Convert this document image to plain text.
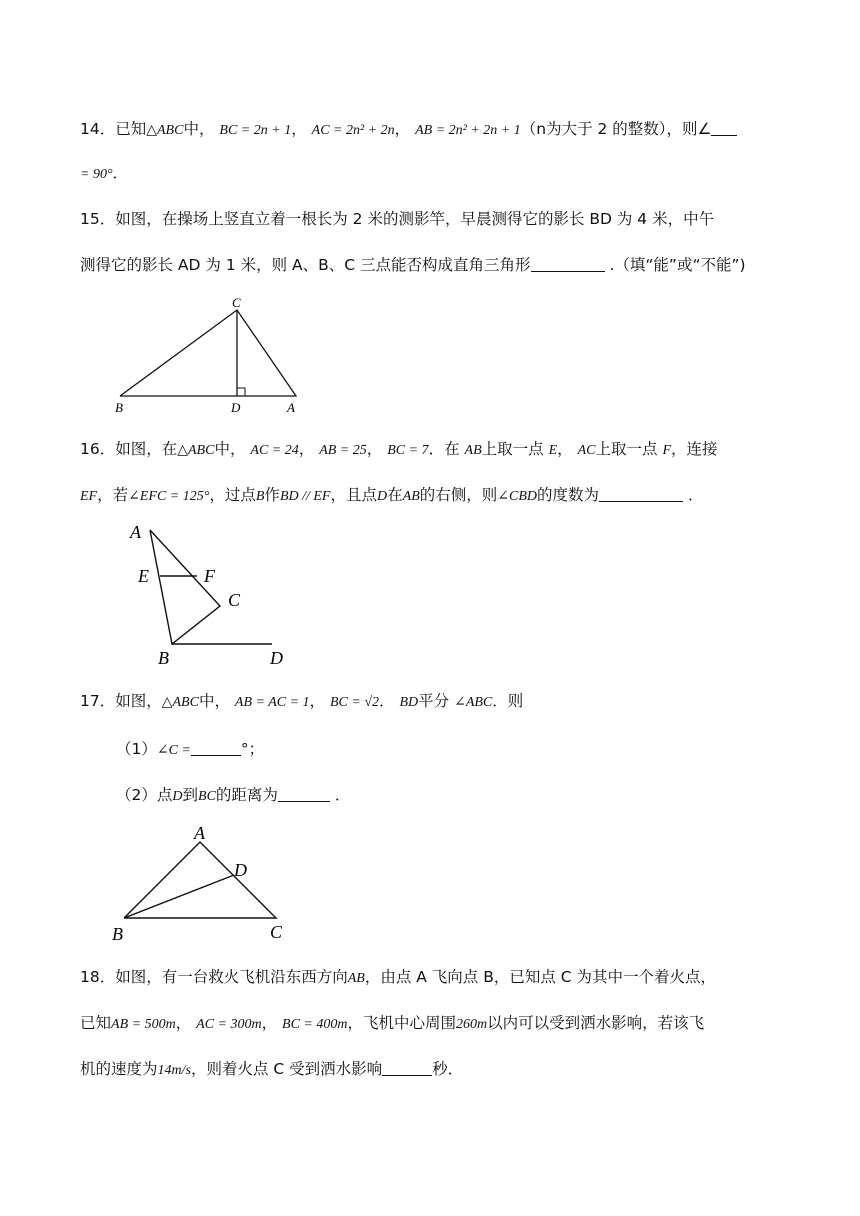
14．已知△ABC中， BC = 2n + 1， AC = 2n² + 2n， AB = 2n² + 2n + 1（n为大于 2 的整数），则∠
= 90°．
15．如图，在操场上竖直立着一根长为 2 米的测影竿，早晨测得它的影长 BD 为 4 米，中午
测得它的影长 AD 为 1 米，则 A、B、C 三点能否构成直角三角形	.（填“能”或“不能”)
C
B	D	A
16．如图，在△ABC中， AC = 24， AB = 25， BC = 7．在 AB上取一点 E， AC上取一点 F，连接
EF，若∠EFC = 125°，过点B作BD // EF，且点D在AB的右侧，则∠CBD的度数为	．
A
E	F
C
B	D
17．如图，△ABC中， AB = AC = 1， BC = √2． BD平分 ∠ABC．则
（1）∠C =	°；
（2）点D到BC的距离为	．
A
D
B	C
18．如图，有一台救火飞机沿东西方向AB，由点 A 飞向点 B，已知点 C 为其中一个着火点，
已知AB = 500m， AC = 300m， BC = 400m，飞机中心周围260m以内可以受到洒水影响，若该飞
机的速度为14m/s，则着火点 C 受到洒水影响	秒．
